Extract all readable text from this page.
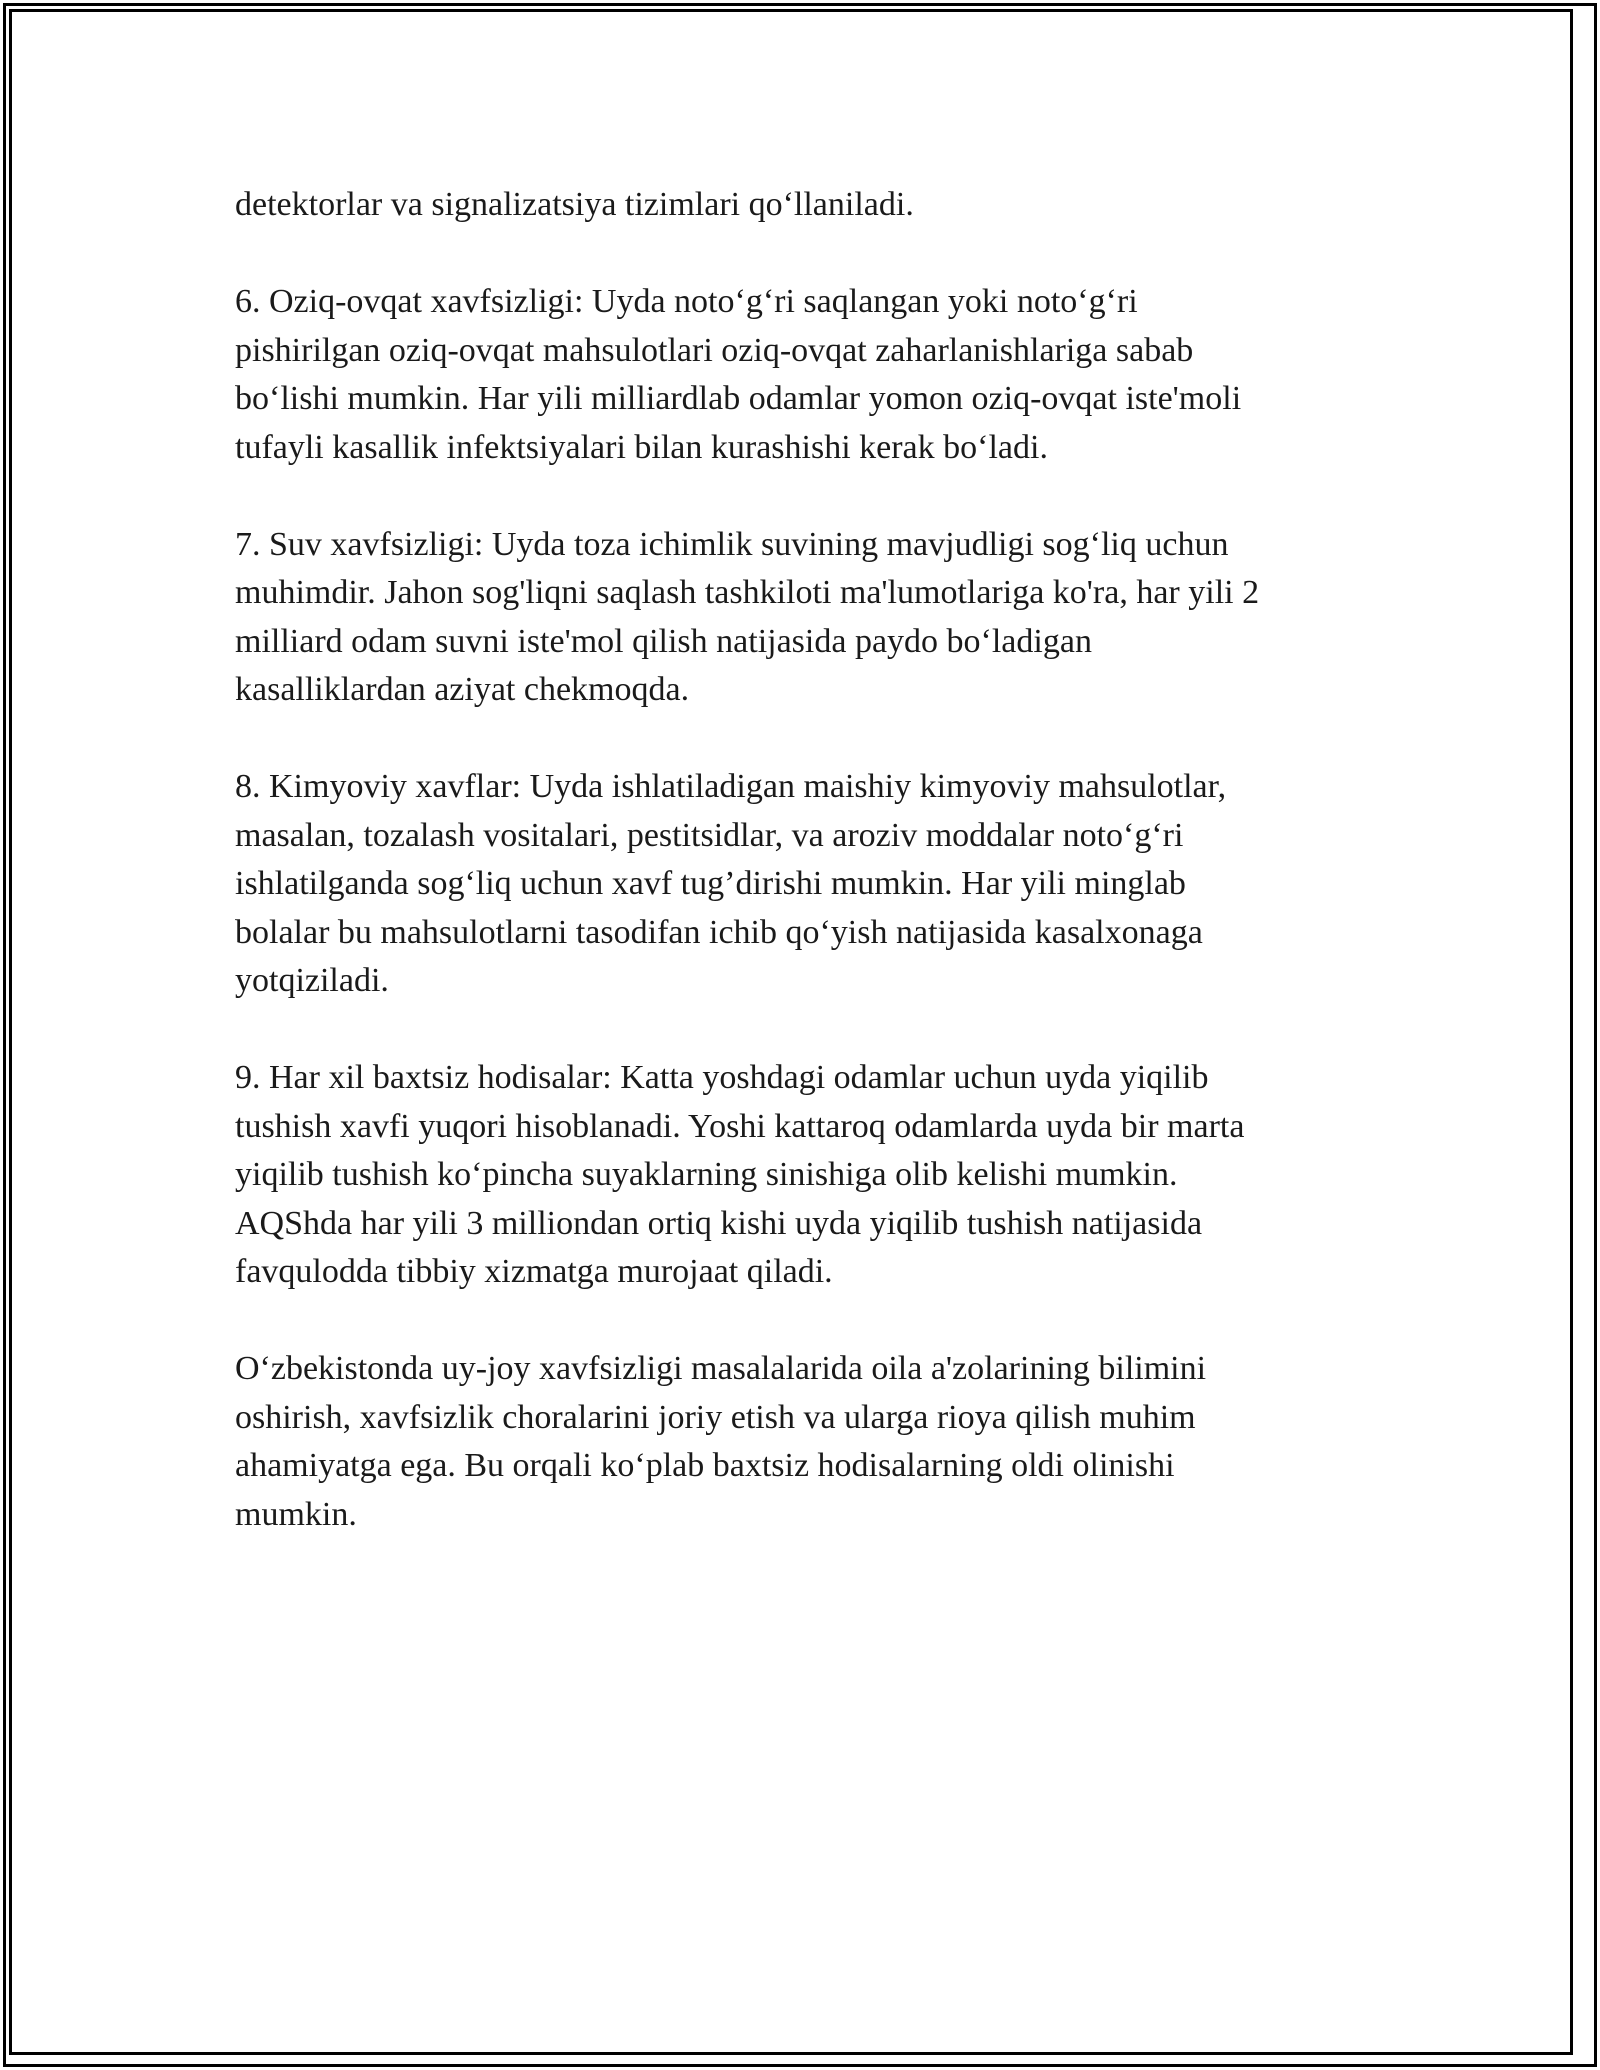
detektorlar va signalizatsiya tizimlari qo‘llaniladi.

6. Oziq-ovqat xavfsizligi: Uyda noto‘g‘ri saqlangan yoki noto‘g‘ri
pishirilgan oziq-ovqat mahsulotlari oziq-ovqat zaharlanishlariga sabab
bo‘lishi mumkin. Har yili milliardlab odamlar yomon oziq-ovqat iste'moli
tufayli kasallik infektsiyalari bilan kurashishi kerak bo‘ladi.

7. Suv xavfsizligi: Uyda toza ichimlik suvining mavjudligi sog‘liq uchun
muhimdir. Jahon sog'liqni saqlash tashkiloti ma'lumotlariga ko'ra, har yili 2
milliard odam suvni iste'mol qilish natijasida paydo bo‘ladigan
kasalliklardan aziyat chekmoqda.

8. Kimyoviy xavflar: Uyda ishlatiladigan maishiy kimyoviy mahsulotlar,
masalan, tozalash vositalari, pestitsidlar, va aroziv moddalar noto‘g‘ri
ishlatilganda sog‘liq uchun xavf tug’dirishi mumkin. Har yili minglab
bolalar bu mahsulotlarni tasodifan ichib qo‘yish natijasida kasalxonaga
yotqiziladi.

9. Har xil baxtsiz hodisalar: Katta yoshdagi odamlar uchun uyda yiqilib
tushish xavfi yuqori hisoblanadi. Yoshi kattaroq odamlarda uyda bir marta
yiqilib tushish ko‘pincha suyaklarning sinishiga olib kelishi mumkin.
AQShda har yili 3 milliondan ortiq kishi uyda yiqilib tushish natijasida
favqulodda tibbiy xizmatga murojaat qiladi.

O‘zbekistonda uy-joy xavfsizligi masalalarida oila a'zolarining bilimini
oshirish, xavfsizlik choralarini joriy etish va ularga rioya qilish muhim
ahamiyatga ega. Bu orqali ko‘plab baxtsiz hodisalarning oldi olinishi
mumkin.
